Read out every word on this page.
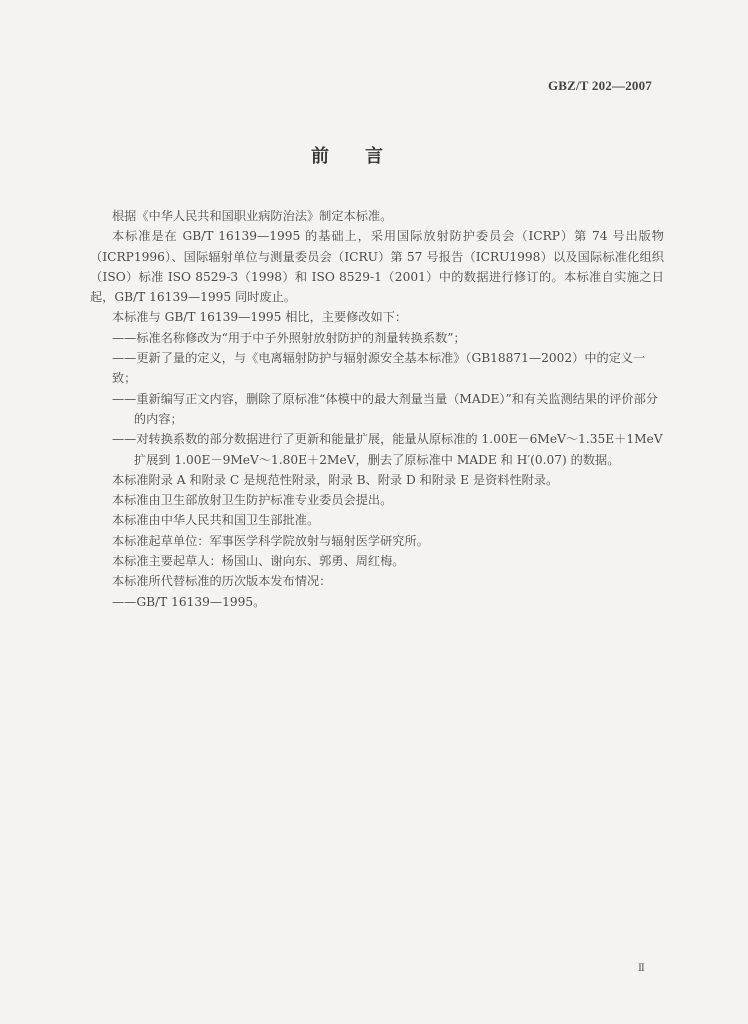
GBZ/T 202—2007
前言

根据《中华人民共和国职业病防治法》制定本标准。

本标准是在 GB/T 16139—1995 的基础上，采用国际放射防护委员会（ICRP）第 74 号出版物（ICRP1996）、国际辐射单位与测量委员会（ICRU）第 57 号报告（ICRU1998）以及国际标准化组织（ISO）标准 ISO 8529-3（1998）和 ISO 8529-1（2001）中的数据进行修订的。本标准自实施之日起，GB/T 16139—1995 同时废止。

本标准与 GB/T 16139—1995 相比，主要修改如下：

——标准名称修改为“用于中子外照射放射防护的剂量转换系数”；

——更新了量的定义，与《电离辐射防护与辐射源安全基本标准》（GB18871—2002）中的定义一致；

——重新编写正文内容，删除了原标准“体模中的最大剂量当量（MADE）”和有关监测结果的评价部分的内容；

——对转换系数的部分数据进行了更新和能量扩展，能量从原标准的 1.00E－6MeV～1.35E＋1MeV 扩展到 1.00E－9MeV～1.80E＋2MeV，删去了原标准中 MADE 和 H′(0.07) 的数据。

本标准附录 A 和附录 C 是规范性附录，附录 B、附录 D 和附录 E 是资料性附录。

本标准由卫生部放射卫生防护标准专业委员会提出。

本标准由中华人民共和国卫生部批准。

本标准起草单位：军事医学科学院放射与辐射医学研究所。

本标准主要起草人：杨国山、谢向东、郭勇、周红梅。

本标准所代替标准的历次版本发布情况：

——GB/T 16139—1995。

Ⅱ
